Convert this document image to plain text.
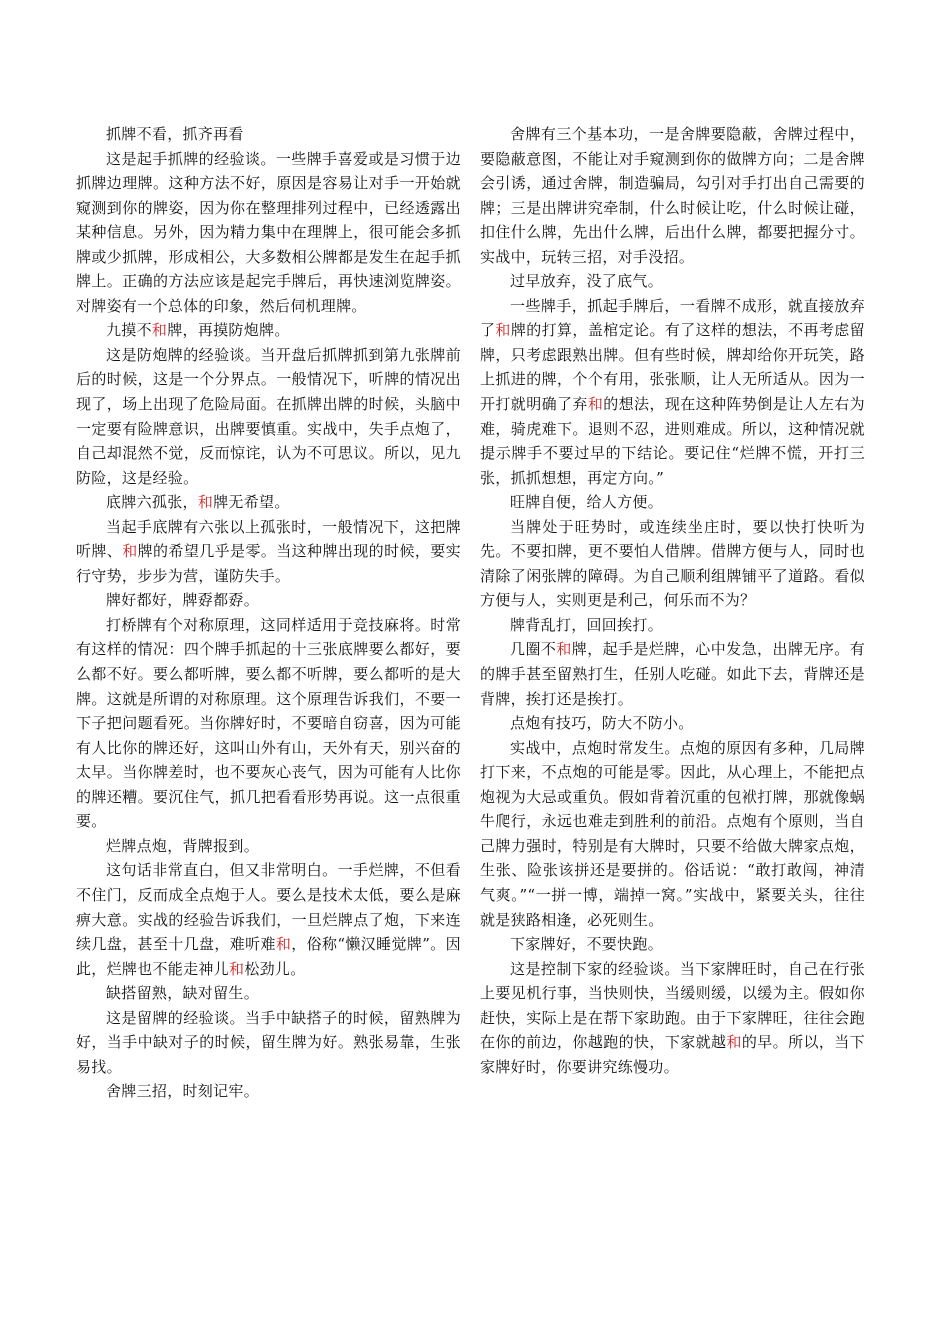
抓牌不看，抓齐再看

这是起手抓牌的经验谈。一些牌手喜爱或是习惯于边抓牌边理牌。这种方法不好，原因是容易让对手一开始就窥测到你的牌姿，因为你在整理排列过程中，已经透露出某种信息。另外，因为精力集中在理牌上，很可能会多抓牌或少抓牌，形成相公，大多数相公牌都是发生在起手抓牌上。正确的方法应该是起完手牌后，再快速浏览牌姿。对牌姿有一个总体的印象，然后伺机理牌。

九摸不和牌，再摸防炮牌。

这是防炮牌的经验谈。当开盘后抓牌抓到第九张牌前后的时候，这是一个分界点。一般情况下，听牌的情况出现了，场上出现了危险局面。在抓牌出牌的时候，头脑中一定要有险牌意识，出牌要慎重。实战中，失手点炮了，自己却混然不觉，反而惊诧，认为不可思议。所以，见九防险，这是经验。

底牌六孤张，和牌无希望。

当起手底牌有六张以上孤张时，一般情况下，这把牌听牌、和牌的希望几乎是零。当这种牌出现的时候，要实行守势，步步为营，谨防失手。

牌好都好，牌孬都孬。

打桥牌有个对称原理，这同样适用于竞技麻将。时常有这样的情况：四个牌手抓起的十三张底牌要么都好，要么都不好。要么都听牌，要么都不听牌，要么都听的是大牌。这就是所谓的对称原理。这个原理告诉我们，不要一下子把问题看死。当你牌好时，不要暗自窃喜，因为可能有人比你的牌还好，这叫山外有山，天外有天，别兴奋的太早。当你牌差时，也不要灰心丧气，因为可能有人比你的牌还糟。要沉住气，抓几把看看形势再说。这一点很重要。

烂牌点炮，背牌报到。

这句话非常直白，但又非常明白。一手烂牌，不但看不住门，反而成全点炮于人。要么是技术太低，要么是麻痹大意。实战的经验告诉我们，一旦烂牌点了炮，下来连续几盘，甚至十几盘，难听难和，俗称“懒汉睡觉牌”。因此，烂牌也不能走神儿和松劲儿。

缺搭留熟，缺对留生。

这是留牌的经验谈。当手中缺搭子的时候，留熟牌为好，当手中缺对子的时候，留生牌为好。熟张易靠，生张易找。

舍牌三招，时刻记牢。

舍牌有三个基本功，一是舍牌要隐蔽，舍牌过程中，要隐蔽意图，不能让对手窥测到你的做牌方向；二是舍牌会引诱，通过舍牌，制造骗局，勾引对手打出自己需要的牌；三是出牌讲究牵制，什么时候让吃，什么时候让碰，扣住什么牌，先出什么牌，后出什么牌，都要把握分寸。实战中，玩转三招，对手没招。

过早放弃，没了底气。

一些牌手，抓起手牌后，一看牌不成形，就直接放弃了和牌的打算，盖棺定论。有了这样的想法，不再考虑留牌，只考虑跟熟出牌。但有些时候，牌却给你开玩笑，路上抓进的牌，个个有用，张张顺，让人无所适从。因为一开打就明确了弃和的想法，现在这种阵势倒是让人左右为难，骑虎难下。退则不忍，进则难成。所以，这种情况就提示牌手不要过早的下结论。要记住“烂牌不慌，开打三张，抓抓想想，再定方向。”

旺牌自便，给人方便。

当牌处于旺势时，或连续坐庄时，要以快打快听为先。不要扣牌，更不要怕人借牌。借牌方便与人，同时也清除了闲张牌的障碍。为自己顺利组牌铺平了道路。看似方便与人，实则更是利己，何乐而不为？

牌背乱打，回回挨打。

几圈不和牌，起手是烂牌，心中发急，出牌无序。有的牌手甚至留熟打生，任别人吃碰。如此下去，背牌还是背牌，挨打还是挨打。

点炮有技巧，防大不防小。

实战中，点炮时常发生。点炮的原因有多种，几局牌打下来，不点炮的可能是零。因此，从心理上，不能把点炮视为大忌或重负。假如背着沉重的包袱打牌，那就像蜗牛爬行，永远也难走到胜利的前沿。点炮有个原则，当自己牌力强时，特别是有大牌时，只要不给做大牌家点炮，生张、险张该拼还是要拼的。俗话说：“敢打敢闯，神清气爽。”“一拼一博，端掉一窝。”实战中，紧要关头，往往就是狭路相逢，必死则生。

下家牌好，不要快跑。

这是控制下家的经验谈。当下家牌旺时，自己在行张上要见机行事，当快则快，当缓则缓，以缓为主。假如你赶快，实际上是在帮下家助跑。由于下家牌旺，往往会跑在你的前边，你越跑的快，下家就越和的早。所以，当下家牌好时，你要讲究练慢功。
